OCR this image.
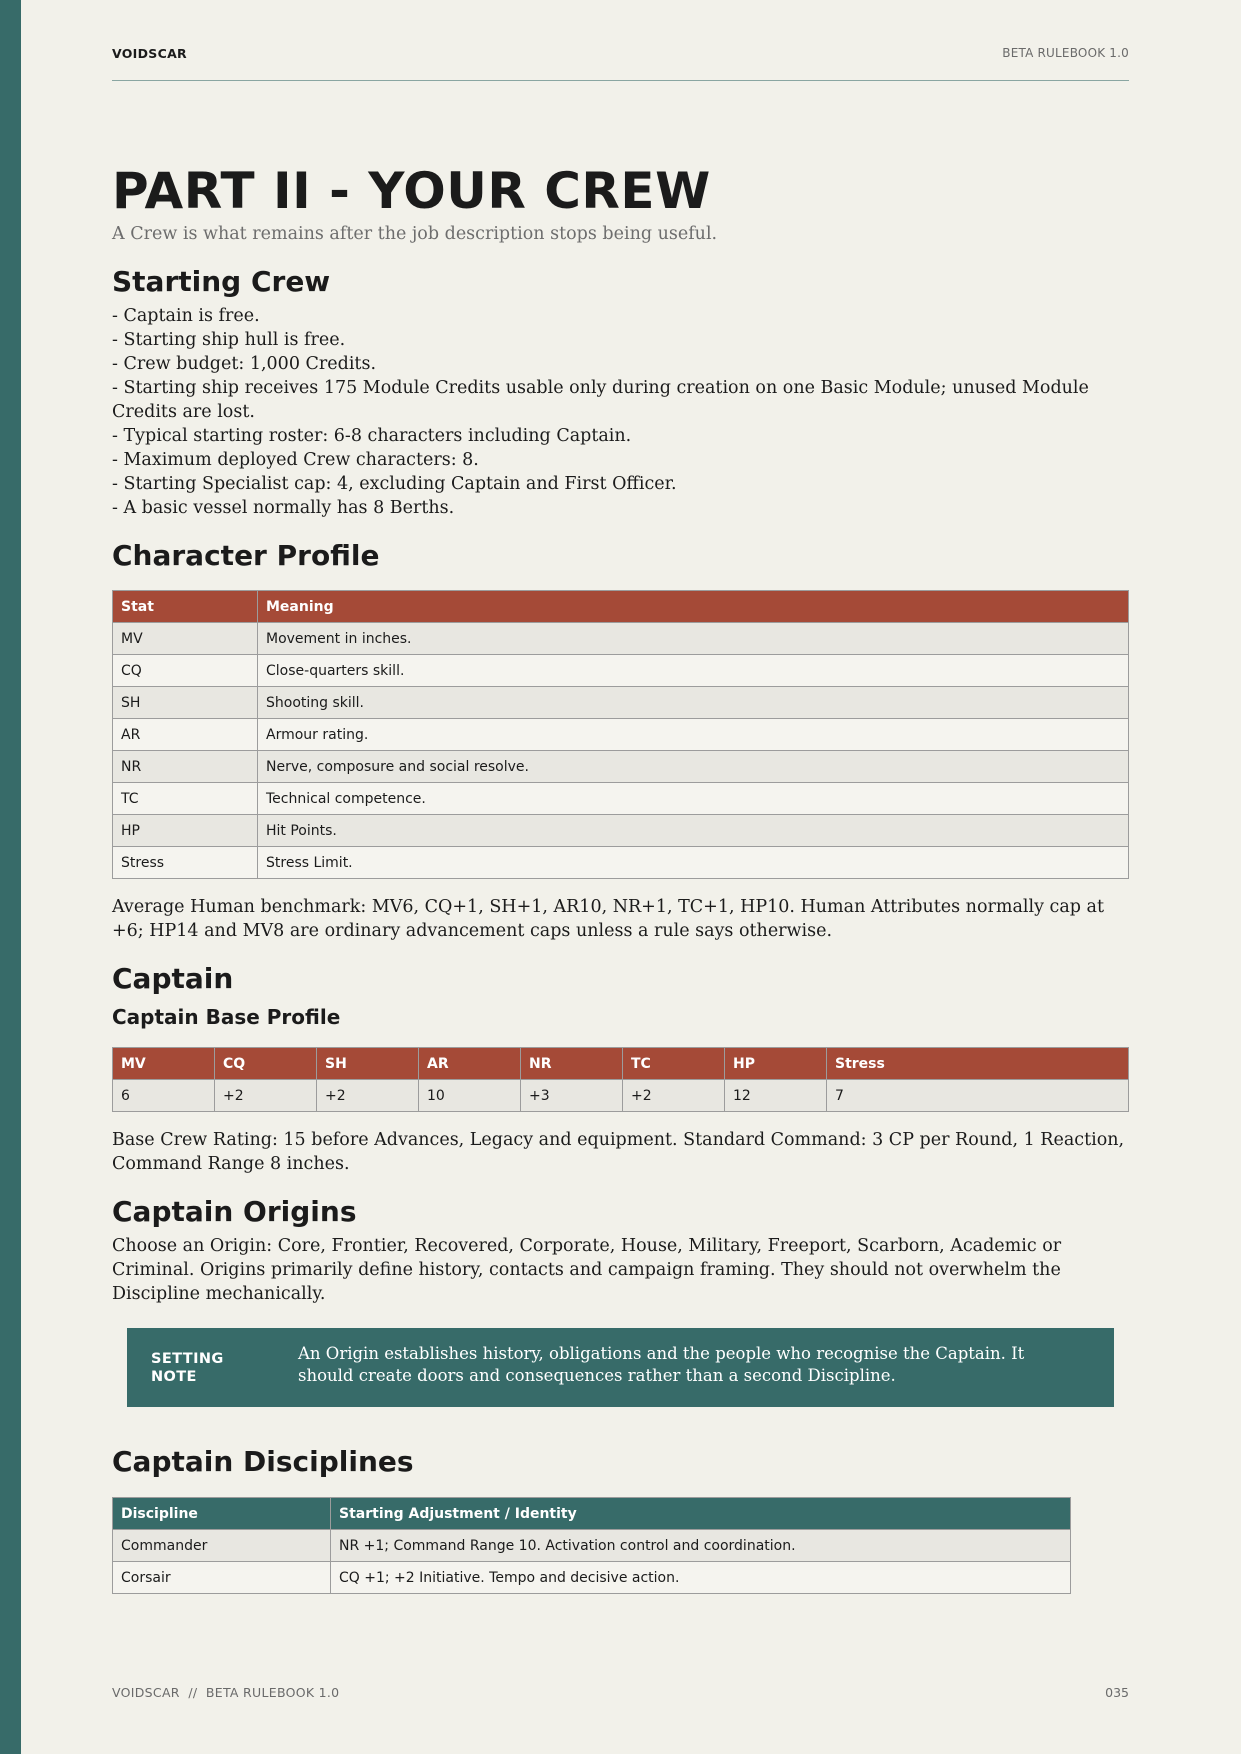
VOIDSCAR	BETA RULEBOOK 1.0
PART II - YOUR CREW

A Crew is what remains after the job description stops being useful.

Starting Crew
- Captain is free.
- Starting ship hull is free.
- Crew budget: 1,000 Credits.
- Starting ship receives 175 Module Credits usable only during creation on one Basic Module; unused Module Credits are lost.
- Typical starting roster: 6-8 characters including Captain.
- Maximum deployed Crew characters: 8.
- Starting Specialist cap: 4, excluding Captain and First Officer.
- A basic vessel normally has 8 Berths.
Character Profile
Stat	Meaning
MV	Movement in inches.
CQ	Close-quarters skill.
SH	Shooting skill.
AR	Armour rating.
NR	Nerve, composure and social resolve.
TC	Technical competence.
HP	Hit Points.
Stress	Stress Limit.

Average Human benchmark: MV6, CQ+1, SH+1, AR10, NR+1, TC+1, HP10. Human Attributes normally cap at +6; HP14 and MV8 are ordinary advancement caps unless a rule says otherwise.

Captain
Captain Base Profile
MV	CQ	SH	AR	NR	TC	HP	Stress
6	+2	+2	10	+3	+2	12	7

Base Crew Rating: 15 before Advances, Legacy and equipment. Standard Command: 3 CP per Round, 1 Reaction, Command Range 8 inches.

Captain Origins

Choose an Origin: Core, Frontier, Recovered, Corporate, House, Military, Freeport, Scarborn, Academic or Criminal. Origins primarily define history, contacts and campaign framing. They should not overwhelm the Discipline mechanically.

SETTING NOTE
An Origin establishes history, obligations and the people who recognise the Captain. It should create doors and consequences rather than a second Discipline.
Captain Disciplines
Discipline	Starting Adjustment / Identity
Commander	NR +1; Command Range 10. Activation control and coordination.
Corsair	CQ +1; +2 Initiative. Tempo and decisive action.
VOIDSCAR  //  BETA RULEBOOK 1.0	035
